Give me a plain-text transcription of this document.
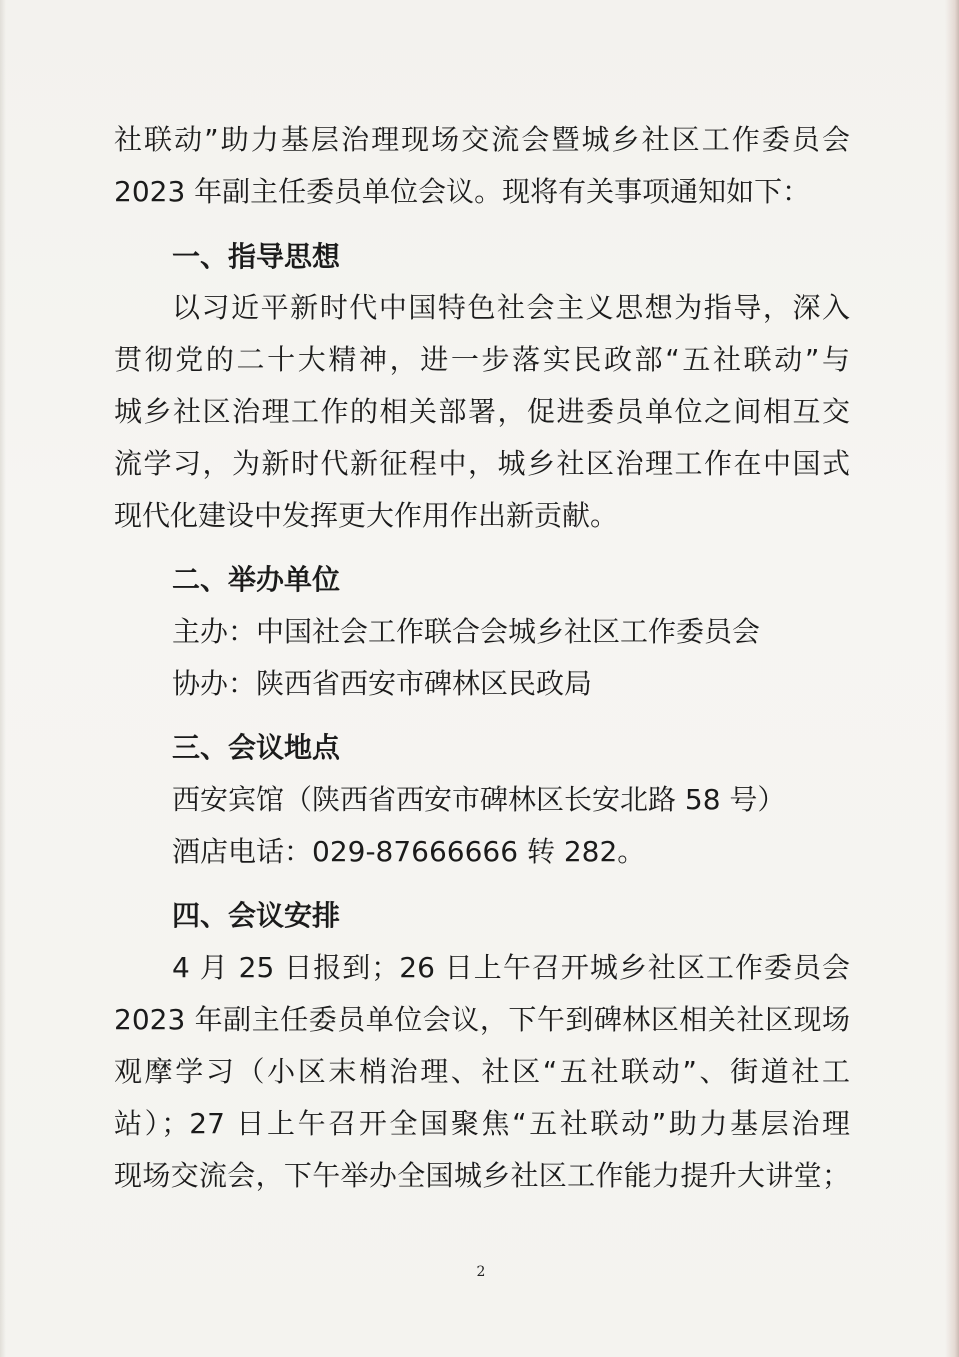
社联动”助力基层治理现场交流会暨城乡社区工作委员会
2023 年副主任委员单位会议。现将有关事项通知如下：
一、指导思想
以习近平新时代中国特色社会主义思想为指导，深入
贯彻党的二十大精神，进一步落实民政部“五社联动”与
城乡社区治理工作的相关部署，促进委员单位之间相互交
流学习，为新时代新征程中，城乡社区治理工作在中国式
现代化建设中发挥更大作用作出新贡献。
二、举办单位
主办：中国社会工作联合会城乡社区工作委员会
协办：陕西省西安市碑林区民政局
三、会议地点
西安宾馆（陕西省西安市碑林区长安北路 58 号）
酒店电话：029-87666666 转 282。
四、会议安排
4 月 25 日报到；26 日上午召开城乡社区工作委员会
2023 年副主任委员单位会议，下午到碑林区相关社区现场
观摩学习（小区末梢治理、社区“五社联动”、街道社工
站）；27 日上午召开全国聚焦“五社联动”助力基层治理
现场交流会，下午举办全国城乡社区工作能力提升大讲堂；
2
